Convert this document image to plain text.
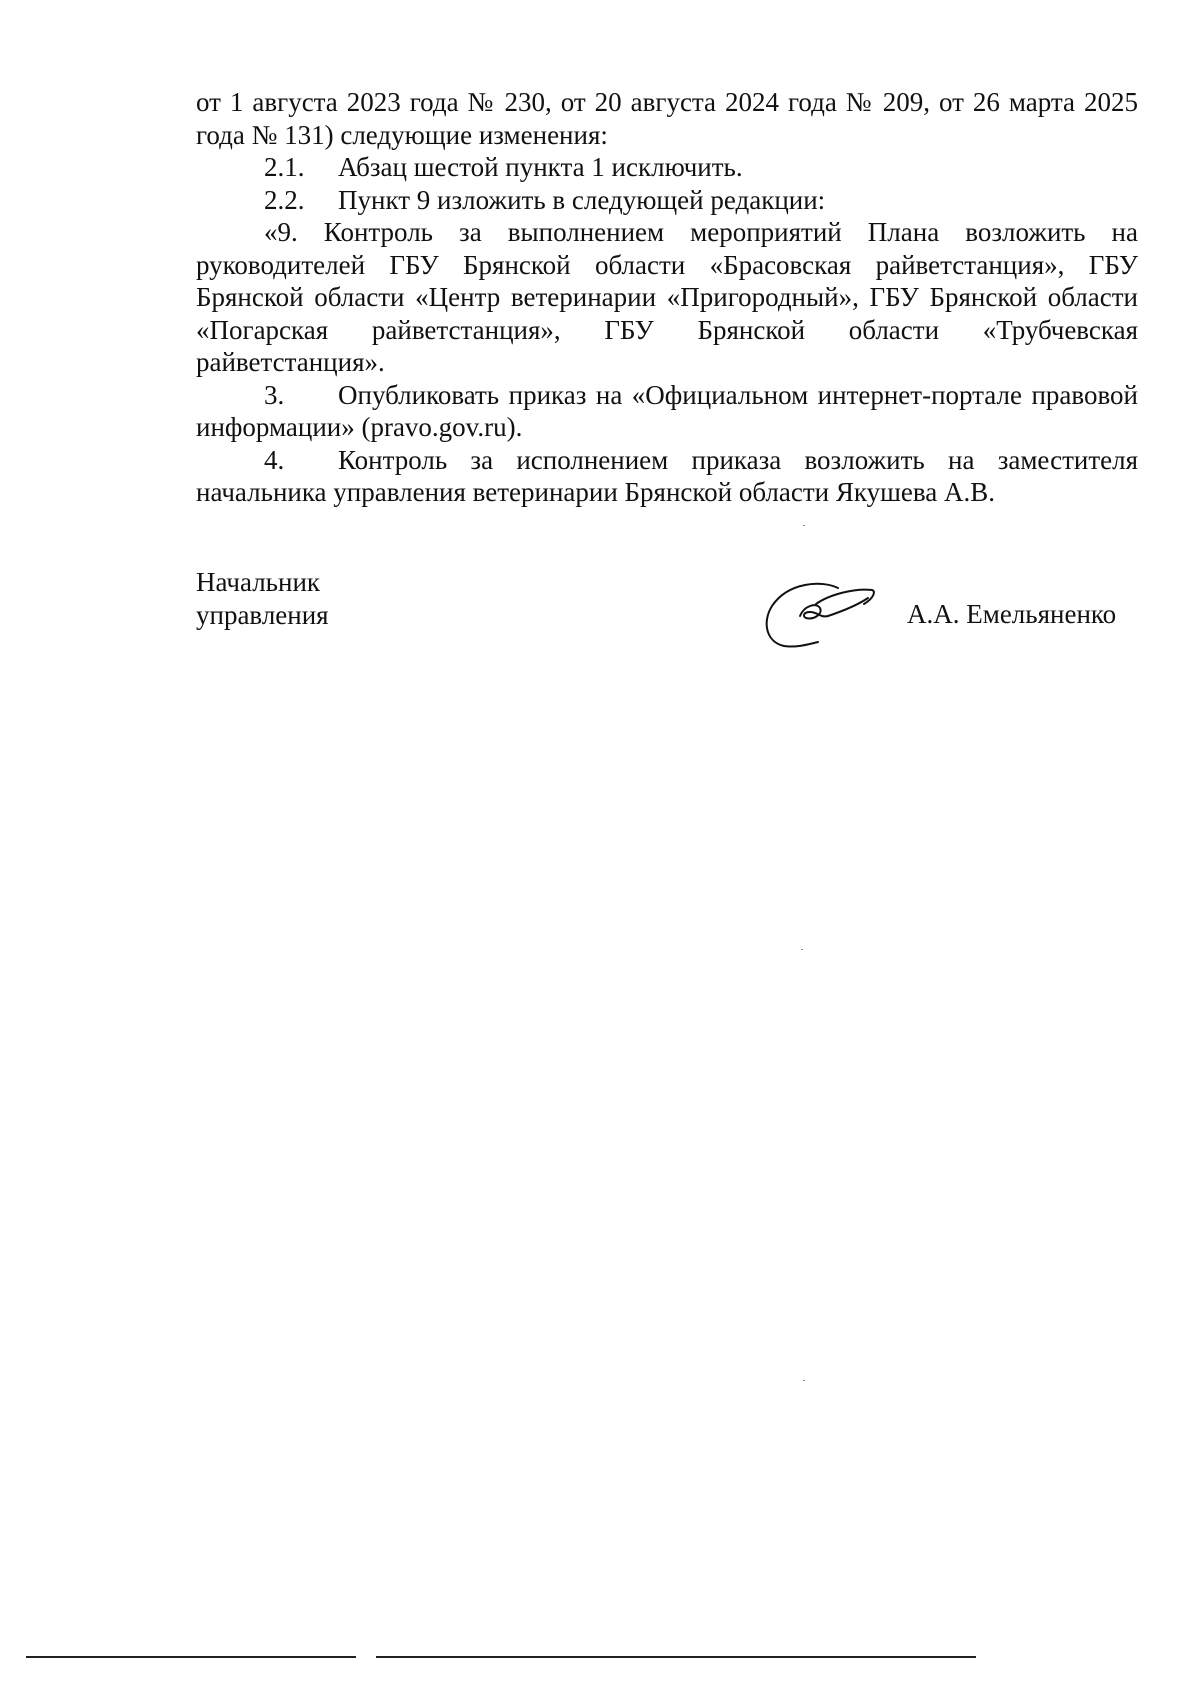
от 1 августа 2023 года № 230, от 20 августа 2024 года № 209, от 26 марта 2025 года № 131) следующие изменения:

2.1. Абзац шестой пункта 1 исключить.

2.2. Пункт 9 изложить в следующей редакции:

«9. Контроль за выполнением мероприятий Плана возложить на руководителей ГБУ Брянской области «Брасовская райветстанция», ГБУ Брянской области «Центр ветеринарии «Пригородный», ГБУ Брянской области «Погарская райветстанция», ГБУ Брянской области «Трубчевская райветстанция».

3. Опубликовать приказ на «Официальном интернет-портале правовой информации» (pravo.gov.ru).

4. Контроль за исполнением приказа возложить на заместителя начальника управления ветеринарии Брянской области Якушева А.В.

Начальник
управления	А.А. Емельяненко
